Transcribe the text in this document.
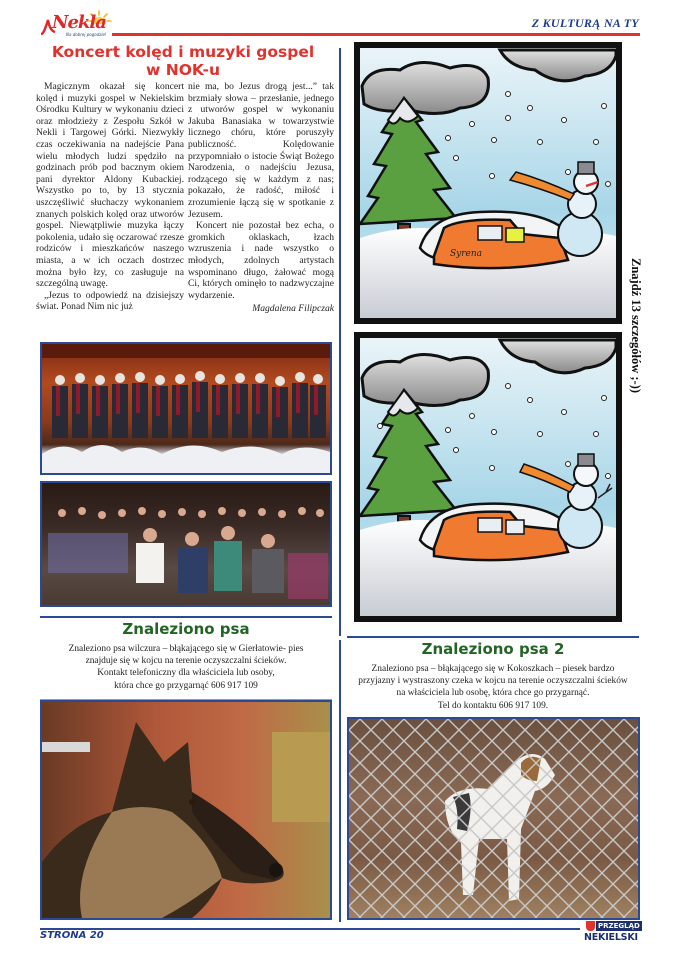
Nekla
Na dobrej pogodzie!
Z KULTURĄ NA TY
Koncert kolęd i muzyki gospel
w NOK-u

Magicznym okazał się koncert kolęd i muzyki gospel w Nekielskim Ośrodku Kultury w wykonaniu dzieci oraz młodzieży z Zespołu Szkół w Nekli i Targowej Górki. Niezwykły czas oczekiwania na nadejście Pana wielu młodych ludzi spędziło na godzinach prób pod bacznym okiem pani dyrektor Aldony Kubackiej. Wszystko po to, by 13 stycznia uszczęśliwić słuchaczy wykonaniem znanych polskich kolęd oraz utworów gospel. Niewątpliwie muzyka łączy pokolenia, udało się oczarować rzesze rodziców i mieszkańców naszego miasta, a w ich oczach dostrzec można było łzy, co zasługuje na szczególną uwagę.

„Jezus to odpowiedź na dzisiejszy świat. Ponad Nim nic już

nie ma, bo Jezus drogą jest...” tak brzmiały słowa – przesłanie, jednego z utworów gospel w wykonaniu Jakuba Banasiaka w towarzystwie licznego chóru, które poruszyły publiczność. Kolędowanie przypomniało o istocie Świąt Bożego Narodzenia, o nadejściu Jezusa, rodzącego się w każdym z nas; pokazało, że radość, miłość i zrozumienie łączą się w spotkanie z Jezusem.

Koncert nie pozostał bez echa, o gromkich oklaskach, łzach wzruszenia i nade wszystko o młodych, zdolnych artystach wspominano długo, żałować mogą Ci, których ominęło to nadzwyczajne wydarzenie.

Magdalena Filipczak

Syrena
Znajdź 13 szczegółów ;-))
Znaleziono psa
Znaleziono psa wilczura – błąkającego się w Gierłatowie- pies
znajduje się w kojcu na terenie oczyszczalni ścieków.
Kontakt telefoniczny dla właściciela lub osoby,
która chce go przygarnąć 606 917 109
Znaleziono psa 2
Znaleziono psa – błąkającego się w Kokoszkach – piesek bardzo
przyjazny i wystraszony czeka w kojcu na terenie oczyszczalni ścieków
na właściciela lub osobę, która chce go przygarnąć.
Tel do kontaktu 606 917 109.
STRONA 20
PRZEGLĄD
NEKIELSKI
